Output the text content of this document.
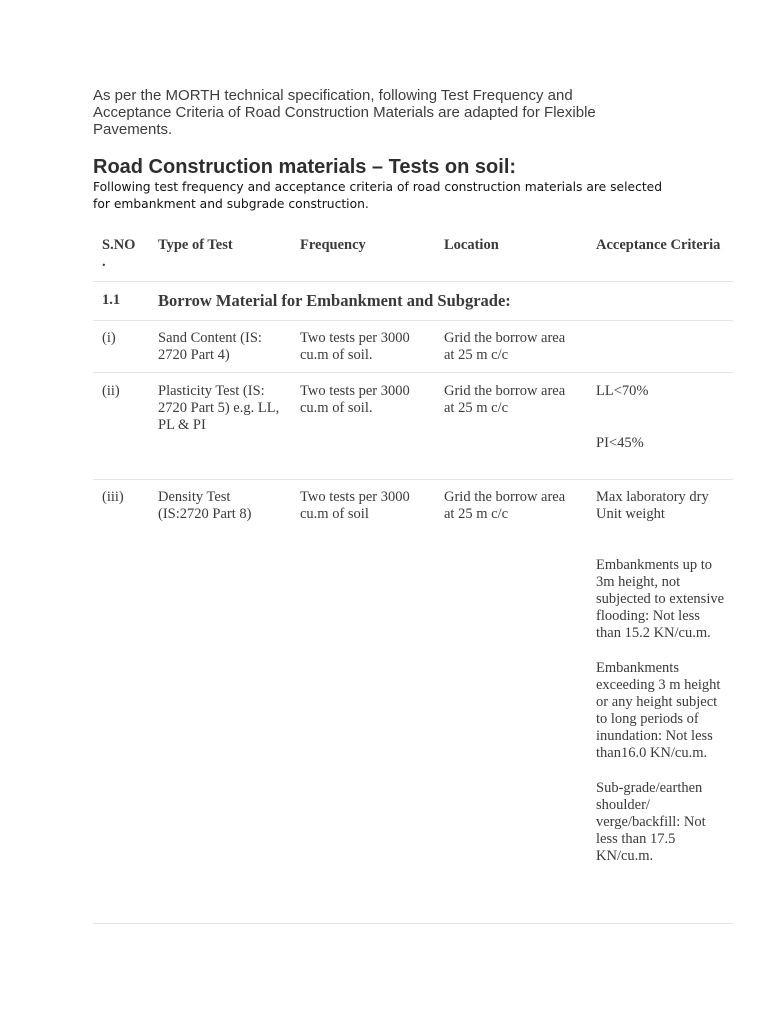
As per the MORTH technical specification, following Test Frequency and Acceptance Criteria of Road Construction Materials are adapted for Flexible Pavements.

Road Construction materials – Tests on soil:

Following test frequency and acceptance criteria of road construction materials are selected for embankment and subgrade construction.

S.NO .	Type of Test	Frequency	Location	Acceptance Criteria
1.1	Borrow Material for Embankment and Subgrade:			
(i)	Sand Content (IS: 2720 Part 4)	Two tests per 3000 cu.m of soil.	Grid the borrow area at 25 m c/c	
(ii)	Plasticity Test (IS: 2720 Part 5) e.g. LL, PL & PI	Two tests per 3000 cu.m of soil.	Grid the borrow area at 25 m c/c	LL<70%

PI<45%

(iii)	Density Test (IS:2720 Part 8)	Two tests per 3000 cu.m of soil	Grid the borrow area at 25 m c/c	Max laboratory dry Unit weight

Embankments up to 3m height, not subjected to extensive flooding: Not less than 15.2 KN/cu.m.

Embankments exceeding 3 m height or any height subject to long periods of inundation: Not less than16.0 KN/cu.m.

Sub-grade/earthen shoulder/ verge/backfill: Not less than 17.5 KN/cu.m.
